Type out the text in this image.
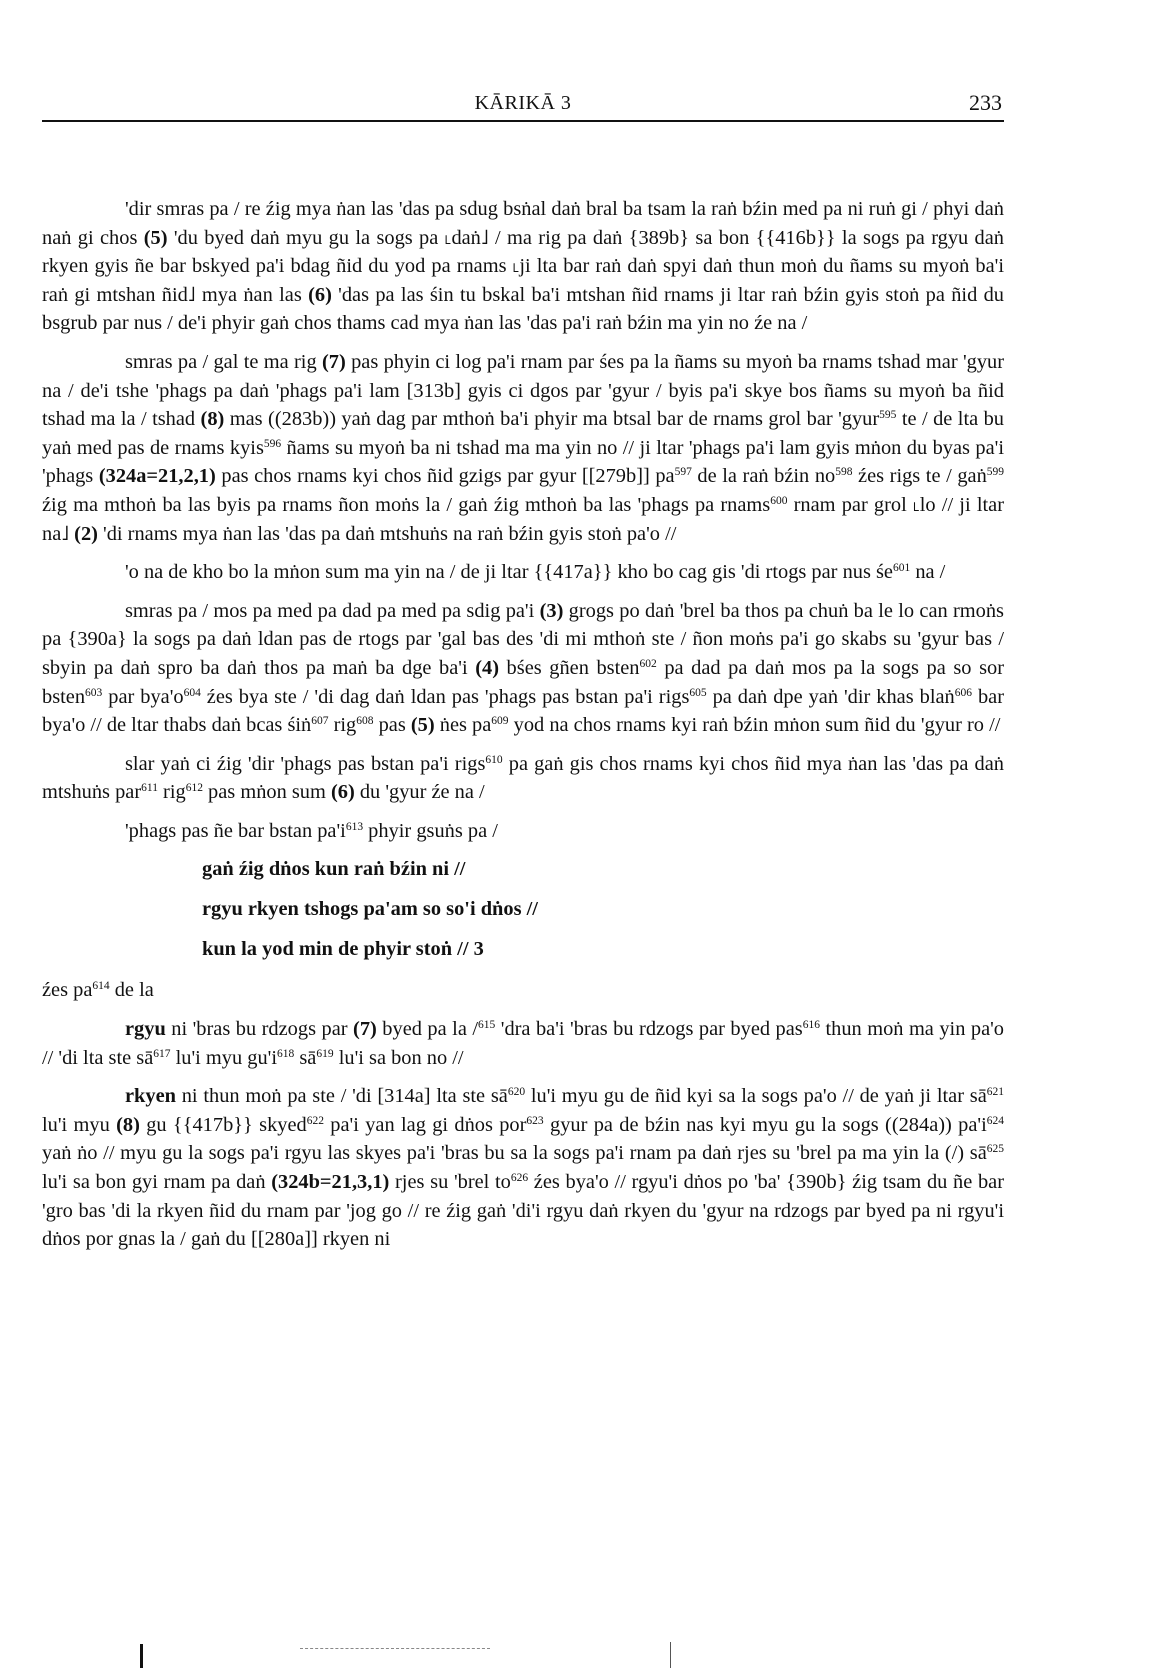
KĀRIKĀ 3	233

'dir smras pa / re źig mya ṅan las 'das pa sdug bsṅal daṅ bral ba tsam la raṅ bźin med pa ni ruṅ gi / phyi daṅ naṅ gi chos (5) 'du byed daṅ myu gu la sogs pa ˪daṅ˩ / ma rig pa daṅ {389b} sa bon {{416b}} la sogs pa rgyu daṅ rkyen gyis ñe bar bskyed pa'i bdag ñid du yod pa rnams ˪ji lta bar raṅ daṅ spyi daṅ thun moṅ du ñams su myoṅ ba'i raṅ gi mtshan ñid˩ mya ṅan las (6) 'das pa las śin tu bskal ba'i mtshan ñid rnams ji ltar raṅ bźin gyis stoṅ pa ñid du bsgrub par nus / de'i phyir gaṅ chos thams cad mya ṅan las 'das pa'i raṅ bźin ma yin no źe na /

smras pa / gal te ma rig (7) pas phyin ci log pa'i rnam par śes pa la ñams su myoṅ ba rnams tshad mar 'gyur na / de'i tshe 'phags pa daṅ 'phags pa'i lam [313b] gyis ci dgos par 'gyur / byis pa'i skye bos ñams su myoṅ ba ñid tshad ma la / tshad (8) mas ((283b)) yaṅ dag par mthoṅ ba'i phyir ma btsal bar de rnams grol bar 'gyur$^{595}$ te / de lta bu yaṅ med pas de rnams kyis$^{596}$ ñams su myoṅ ba ni tshad ma ma yin no // ji ltar 'phags pa'i lam gyis mṅon du byas pa'i 'phags (324a=21,2,1) pas chos rnams kyi chos ñid gzigs par gyur [[279b]] $pa^{597}$ de la raṅ bźin $no^{598}$ źes rigs te / gaṅ$^{599}$ źig ma mthoṅ ba las byis pa rnams ñon moṅs la / gaṅ źig mthoṅ ba las 'phags pa rnams$^{600}$ rnam par grol ˪lo // ji ltar na˩ (2) 'di rnams mya ṅan las 'das pa daṅ mtshuṅs na raṅ bźin gyis stoṅ pa'o //

'o na de kho bo la mṅon sum ma yin na / de ji ltar {{417a}} kho bo cag gis 'di rtogs par nus $śe^{601}$ na /

smras pa / mos pa med pa dad pa med pa sdig pa'i (3) grogs po daṅ 'brel ba thos pa chuṅ ba le lo can rmoṅs pa {390a} la sogs pa daṅ ldan pas de rtogs par 'gal bas des 'di mi mthoṅ ste / ñon moṅs pa'i go skabs su 'gyur bas / sbyin pa daṅ spro ba daṅ thos pa maṅ ba dge ba'i (4) bśes gñen bsten$^{602}$ pa dad pa daṅ mos pa la sogs pa so sor bsten$^{603}$ par $bya'o^{604}$ źes bya ste / 'di dag daṅ ldan pas 'phags pas bstan pa'i rigs$^{605}$ pa daṅ dpe yaṅ 'dir khas blaṅ$^{606}$ bar bya'o // de ltar thabs daṅ bcas śiṅ$^{607}$ rig$^{608}$ pas (5) ṅes $pa^{609}$ yod na chos rnams kyi raṅ bźin mṅon sum ñid du 'gyur ro //

slar yaṅ ci źig 'dir 'phags pas bstan pa'i rigs$^{610}$ pa gaṅ gis chos rnams kyi chos ñid mya ṅan las 'das pa daṅ mtshuṅs par$^{611}$ rig$^{612}$ pas mṅon sum (6) du 'gyur źe na /

'phags pas ñe bar bstan $pa'i^{613}$ phyir gsuṅs pa /

gaṅ źig dṅos kun raṅ bźin ni //
rgyu rkyen tshogs pa'am so so'i dṅos //
kun la yod min de phyir stoṅ // 3

źes $pa^{614}$ de la

rgyu ni 'bras bu rdzogs par (7) byed pa la /$^{615}$ 'dra ba'i 'bras bu rdzogs par byed pas$^{616}$ thun moṅ ma yin pa'o // 'di lta ste $sā^{617}$ lu'i myu $gu'i^{618}$ $sā^{619}$ lu'i sa bon no //

rkyen ni thun moṅ pa ste / 'di [314a] lta ste $sā^{620}$ lu'i myu gu de ñid kyi sa la sogs pa'o // de yaṅ ji ltar $sā^{621}$ lu'i myu (8) gu {{417b}} skyed$^{622}$ pa'i yan lag gi dṅos por$^{623}$ gyur pa de bźin nas kyi myu gu la sogs ((284a)) $pa'i^{624}$ yaṅ ṅo // myu gu la sogs pa'i rgyu las skyes pa'i 'bras bu sa la sogs pa'i rnam pa daṅ rjes su 'brel pa ma yin la (/) $sā^{625}$ lu'i sa bon gyi rnam pa daṅ (324b=21,3,1) rjes su 'brel $to^{626}$ źes bya'o // rgyu'i dṅos po 'ba' {390b} źig tsam du ñe bar 'gro bas 'di la rkyen ñid du rnam par 'jog go // re źig gaṅ 'di'i rgyu daṅ rkyen du 'gyur na rdzogs par byed pa ni rgyu'i dṅos por gnas la / gaṅ du [[280a]] rkyen ni
